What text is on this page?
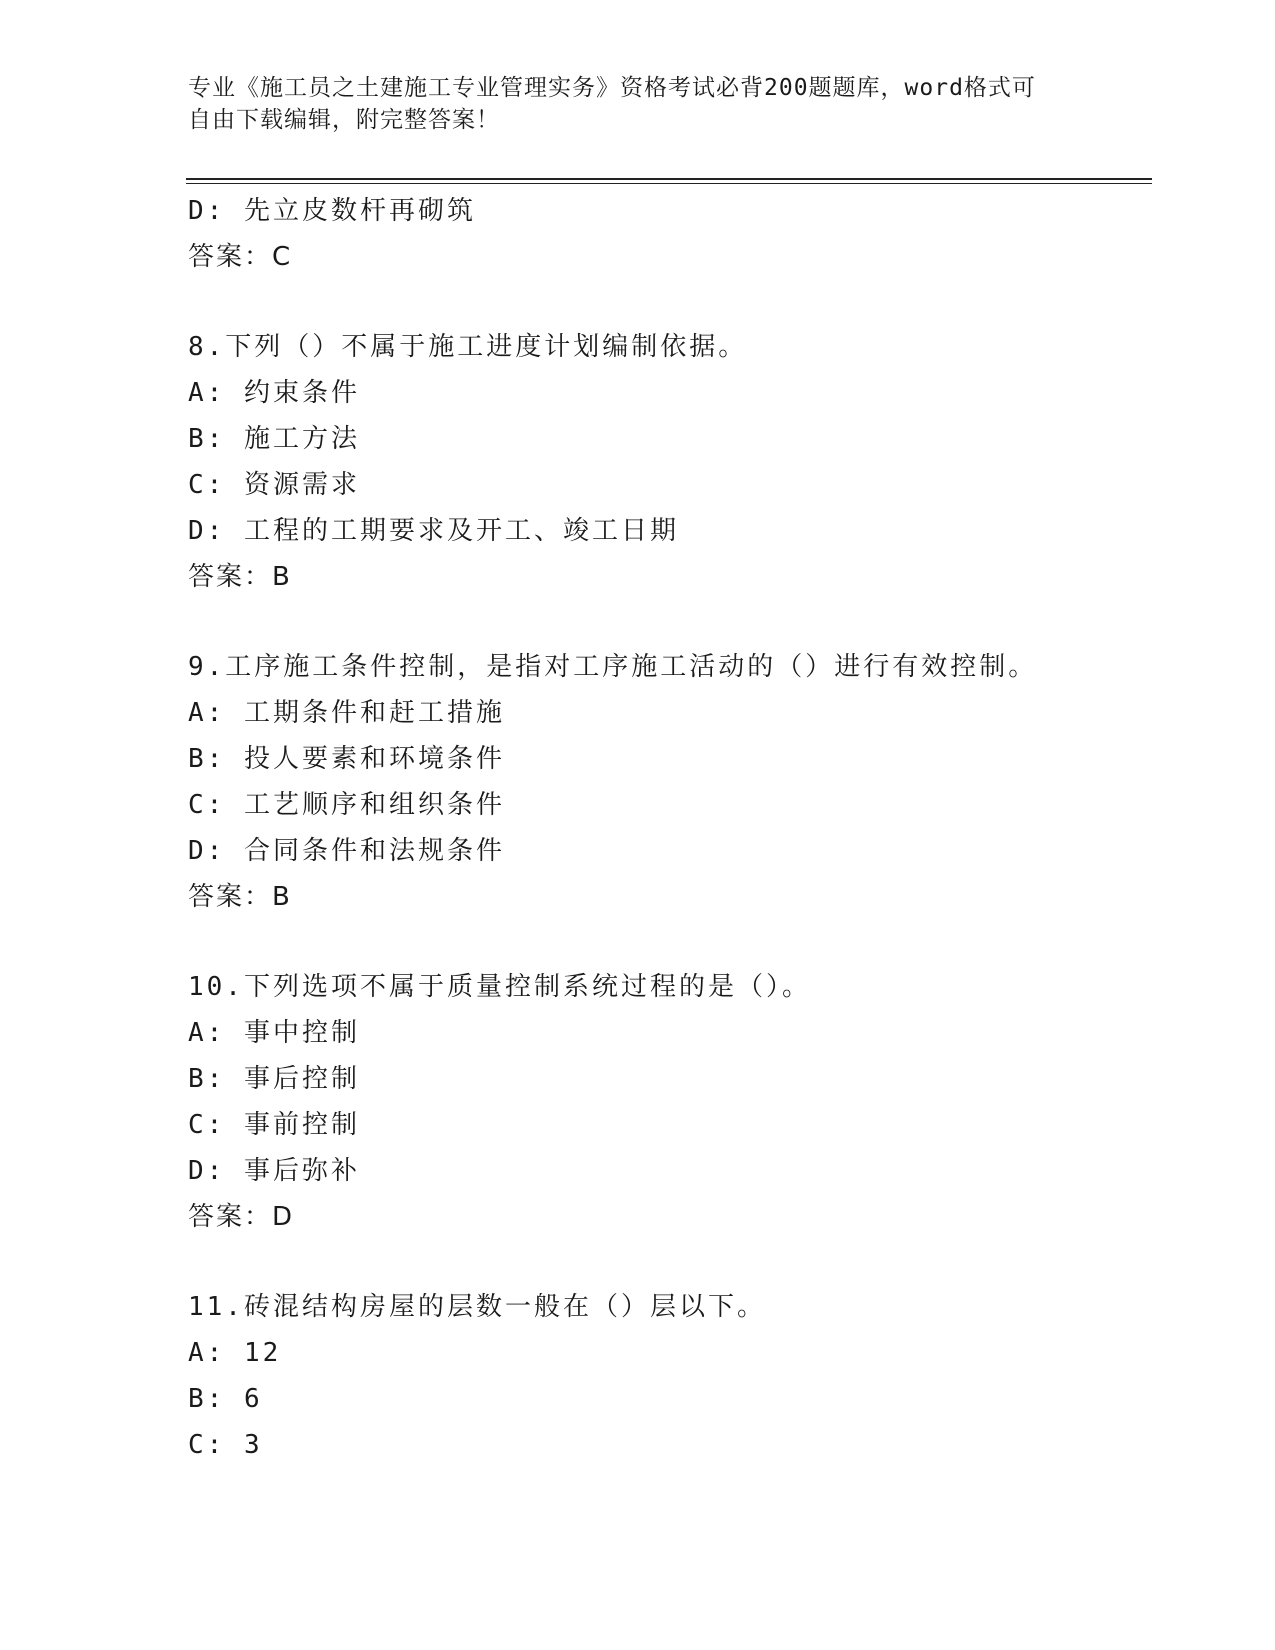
专业《施工员之土建施工专业管理实务》资格考试必背200题题库，word格式可
自由下载编辑，附完整答案！
D: 先立皮数杆再砌筑
答案：C
8.下列（）不属于施工进度计划编制依据。
A: 约束条件
B: 施工方法
C: 资源需求
D: 工程的工期要求及开工、竣工日期
答案：B
9.工序施工条件控制，是指对工序施工活动的（）进行有效控制。
A: 工期条件和赶工措施
B: 投人要素和环境条件
C: 工艺顺序和组织条件
D: 合同条件和法规条件
答案：B
10.下列选项不属于质量控制系统过程的是（）。
A: 事中控制
B: 事后控制
C: 事前控制
D: 事后弥补
答案：D
11.砖混结构房屋的层数一般在（）层以下。
A: 12
B: 6
C: 3
